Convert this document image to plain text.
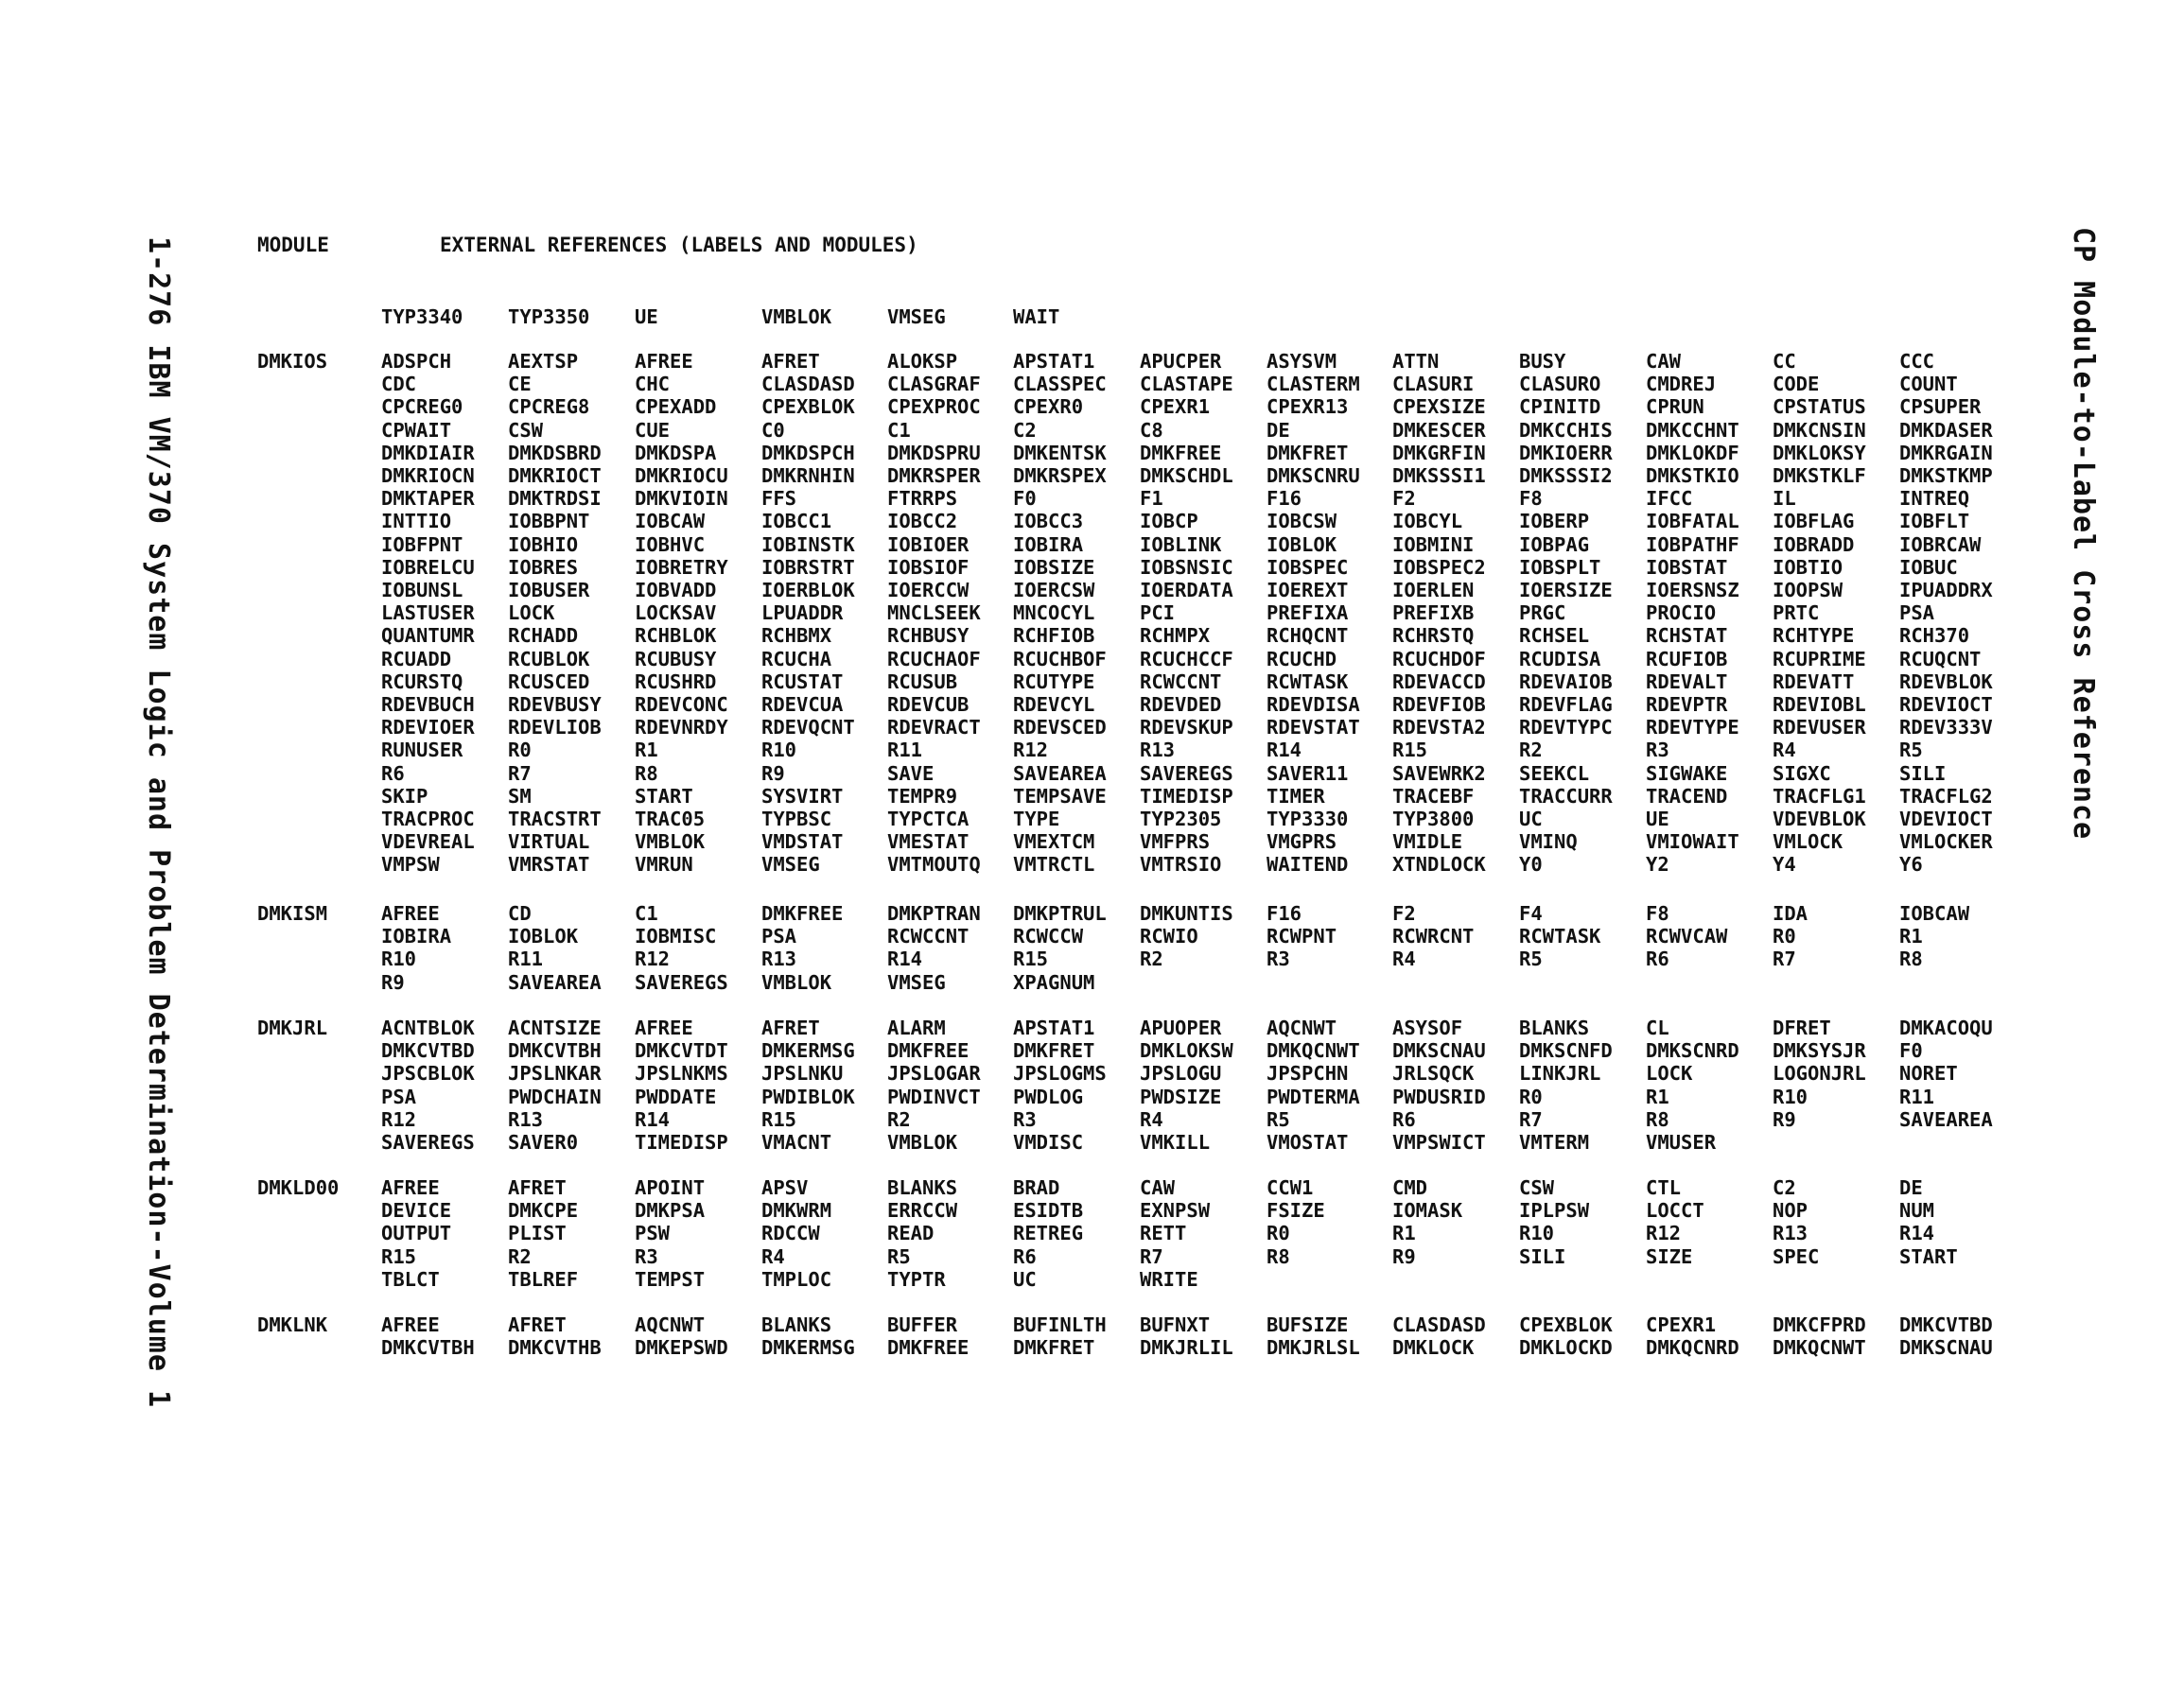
1-276 IBM VM/370 System Logic and Problem Determination--Volume 1	CP Module-to-Label Cross Reference
MODULE	EXTERNAL REFERENCES (LABELS AND MODULES)
TYP3340 TYP3350 UE	VMBLOK	VMSEG	WAIT
DMKIOS	ADSPCH	AEXTSP	AFREE	AFRET	ALOKSP	APSTAT1 APUCPER ASYSVM	ATTN	BUSY	CAW	CC	CCC
CDC	CE	CHC	CLASDASD CLASGRAF CLASSPEC CLASTAPE CLASTERM CLASURI CLASURO CMDREJ	CODE	COUNT
CPCREG0 CPCREG8 CPEXADD CPEXBLOK CPEXPROC CPEXR0	CPEXR1	CPEXR13 CPEXSIZE CPINITD CPRUN	CPSTATUS CPSUPER
CPWAIT	CSW	CUE	C0	C1	C2	C8	DE	DMKESCER DMKCCHIS DMKCCHNT DMKCNSIN DMKDASER
DMKDIAIR DMKDSBRD DMKDSPA DMKDSPCH DMKDSPRU DMKENTSK DMKFREE DMKFRET DMKGRFIN DMKIOERR DMKLOKDF DMKLOKSY DMKRGAIN
DMKRIOCN DMKRIOCT DMKRIOCU DMKRNHIN DMKRSPER DMKRSPEX DMKSCHDL DMKSCNRU DMKSSSI1 DMKSSSI2 DMKSTKIO DMKSTKLF DMKSTKMP
DMKTAPER DMKTRDSI DMKVIOIN FFS	FTRRPS	F0	F1	F16	F2	F8	IFCC	IL	INTREQ
INTTIO	IOBBPNT IOBCAW	IOBCC1	IOBCC2	IOBCC3	IOBCP	IOBCSW	IOBCYL	IOBERP	IOBFATAL IOBFLAG IOBFLT
IOBFPNT IOBHIO	IOBHVC	IOBINSTK IOBIOER IOBIRA	IOBLINK IOBLOK	IOBMINI IOBPAG	IOBPATHF IOBRADD IOBRCAW
IOBRELCU IOBRES	IOBRETRY IOBRSTRT IOBSIOF IOBSIZE IOBSNSIC IOBSPEC IOBSPEC2 IOBSPLT IOBSTAT IOBTIO	IOBUC
IOBUNSL IOBUSER IOBVADD IOERBLOK IOERCCW IOERCSW IOERDATA IOEREXT IOERLEN IOERSIZE IOERSNSZ IOOPSW	IPUADDRX
LASTUSER LOCK	LOCKSAV LPUADDR MNCLSEEK MNCOCYL PCI	PREFIXA PREFIXB PRGC	PROCIO	PRTC	PSA
QUANTUMR RCHADD	RCHBLOK RCHBMX	RCHBUSY RCHFIOB RCHMPX	RCHQCNT RCHRSTQ RCHSEL	RCHSTAT RCHTYPE RCH370
RCUADD	RCUBLOK RCUBUSY RCUCHA	RCUCHAOF RCUCHBOF RCUCHCCF RCUCHD	RCUCHDOF RCUDISA RCUFIOB RCUPRIME RCUQCNT
RCURSTQ RCUSCED RCUSHRD RCUSTAT RCUSUB	RCUTYPE RCWCCNT RCWTASK RDEVACCD RDEVAIOB RDEVALT RDEVATT RDEVBLOK
RDEVBUCH RDEVBUSY RDEVCONC RDEVCUA RDEVCUB RDEVCYL RDEVDED RDEVDISA RDEVFIOB RDEVFLAG RDEVPTR RDEVIOBL RDEVIOCT
RDEVIOER RDEVLIOB RDEVNRDY RDEVQCNT RDEVRACT RDEVSCED RDEVSKUP RDEVSTAT RDEVSTA2 RDEVTYPC RDEVTYPE RDEVUSER RDEV333V
RUNUSER R0	R1	R10	R11	R12	R13	R14	R15	R2	R3	R4	R5
R6	R7	R8	R9	SAVE	SAVEAREA SAVEREGS SAVER11 SAVEWRK2 SEEKCL	SIGWAKE SIGXC	SILI
SKIP	SM	START	SYSVIRT TEMPR9	TEMPSAVE TIMEDISP TIMER	TRACEBF TRACCURR TRACEND TRACFLG1 TRACFLG2
TRACPROC TRACSTRT TRAC05	TYPBSC	TYPCTCA TYPE	TYP2305 TYP3330 TYP3800 UC	UE	VDEVBLOK VDEVIOCT
VDEVREAL VIRTUAL VMBLOK	VMDSTAT VMESTAT VMEXTCM VMFPRS	VMGPRS	VMIDLE	VMINQ	VMIOWAIT VMLOCK	VMLOCKER
VMPSW	VMRSTAT VMRUN	VMSEG	VMTMOUTQ VMTRCTL VMTRSIO WAITEND XTNDLOCK Y0	Y2	Y4	Y6
DMKISM	AFREE	CD	C1	DMKFREE DMKPTRAN DMKPTRUL DMKUNTIS F16	F2	F4	F8	IDA	IOBCAW
IOBIRA	IOBLOK	IOBMISC PSA	RCWCCNT RCWCCW	RCWIO	RCWPNT	RCWRCNT RCWTASK RCWVCAW R0	R1
R10	R11	R12	R13	R14	R15	R2	R3	R4	R5	R6	R7	R8
R9	SAVEAREA SAVEREGS VMBLOK	VMSEG	XPAGNUM
DMKJRL	ACNTBLOK ACNTSIZE AFREE	AFRET	ALARM	APSTAT1 APUOPER AQCNWT	ASYSOF	BLANKS	CL	DFRET	DMKACOQU
DMKCVTBD DMKCVTBH DMKCVTDT DMKERMSG DMKFREE DMKFRET DMKLOKSW DMKQCNWT DMKSCNAU DMKSCNFD DMKSCNRD DMKSYSJR F0
JPSCBLOK JPSLNKAR JPSLNKMS JPSLNKU JPSLOGAR JPSLOGMS JPSLOGU JPSPCHN JRLSQCK LINKJRL LOCK	LOGONJRL NORET
PSA	PWDCHAIN PWDDATE PWDIBLOK PWDINVCT PWDLOG	PWDSIZE PWDTERMA PWDUSRID R0	R1	R10	R11
R12	R13	R14	R15	R2	R3	R4	R5	R6	R7	R8	R9	SAVEAREA
SAVEREGS SAVER0	TIMEDISP VMACNT	VMBLOK	VMDISC	VMKILL	VMOSTAT VMPSWICT VMTERM	VMUSER
DMKLD00 AFREE	AFRET	APOINT	APSV	BLANKS	BRAD	CAW	CCW1	CMD	CSW	CTL	C2	DE
DEVICE	DMKCPE	DMKPSA	DMKWRM	ERRCCW	ESIDTB	EXNPSW	FSIZE	IOMASK	IPLPSW	LOCCT	NOP	NUM
OUTPUT	PLIST	PSW	RDCCW	READ	RETREG	RETT	R0	R1	R10	R12	R13	R14
R15	R2	R3	R4	R5	R6	R7	R8	R9	SILI	SIZE	SPEC	START
TBLCT	TBLREF	TEMPST	TMPLOC	TYPTR	UC	WRITE
DMKLNK	AFREE	AFRET	AQCNWT	BLANKS	BUFFER	BUFINLTH BUFNXT	BUFSIZE CLASDASD CPEXBLOK CPEXR1	DMKCFPRD DMKCVTBD
DMKCVTBH DMKCVTHB DMKEPSWD DMKERMSG DMKFREE DMKFRET DMKJRLIL DMKJRLSL DMKLOCK DMKLOCKD DMKQCNRD DMKQCNWT DMKSCNAU
